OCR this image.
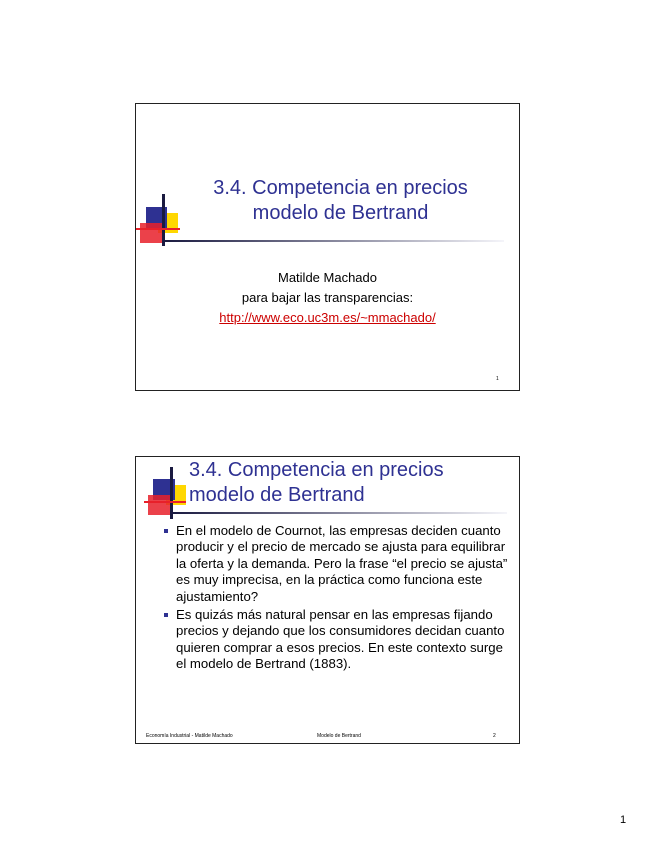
3.4. Competencia en precios
modelo de Bertrand
Matilde Machado
para bajar las transparencias:
http://www.eco.uc3m.es/~mmachado/
1
3.4. Competencia en precios
modelo de Bertrand
En el modelo de Cournot, las empresas deciden cuanto producir y el precio de mercado se ajusta para equilibrar la oferta y la demanda. Pero la frase “el precio se ajusta” es muy imprecisa, en la práctica como funciona este ajustamiento?
Es quizás más natural pensar en las empresas fijando precios y dejando que los consumidores decidan cuanto quieren comprar a esos precios. En este contexto surge el modelo de Bertrand (1883).
Economía Industrial - Matilde Machado	Modelo de Bertrand	2
1
